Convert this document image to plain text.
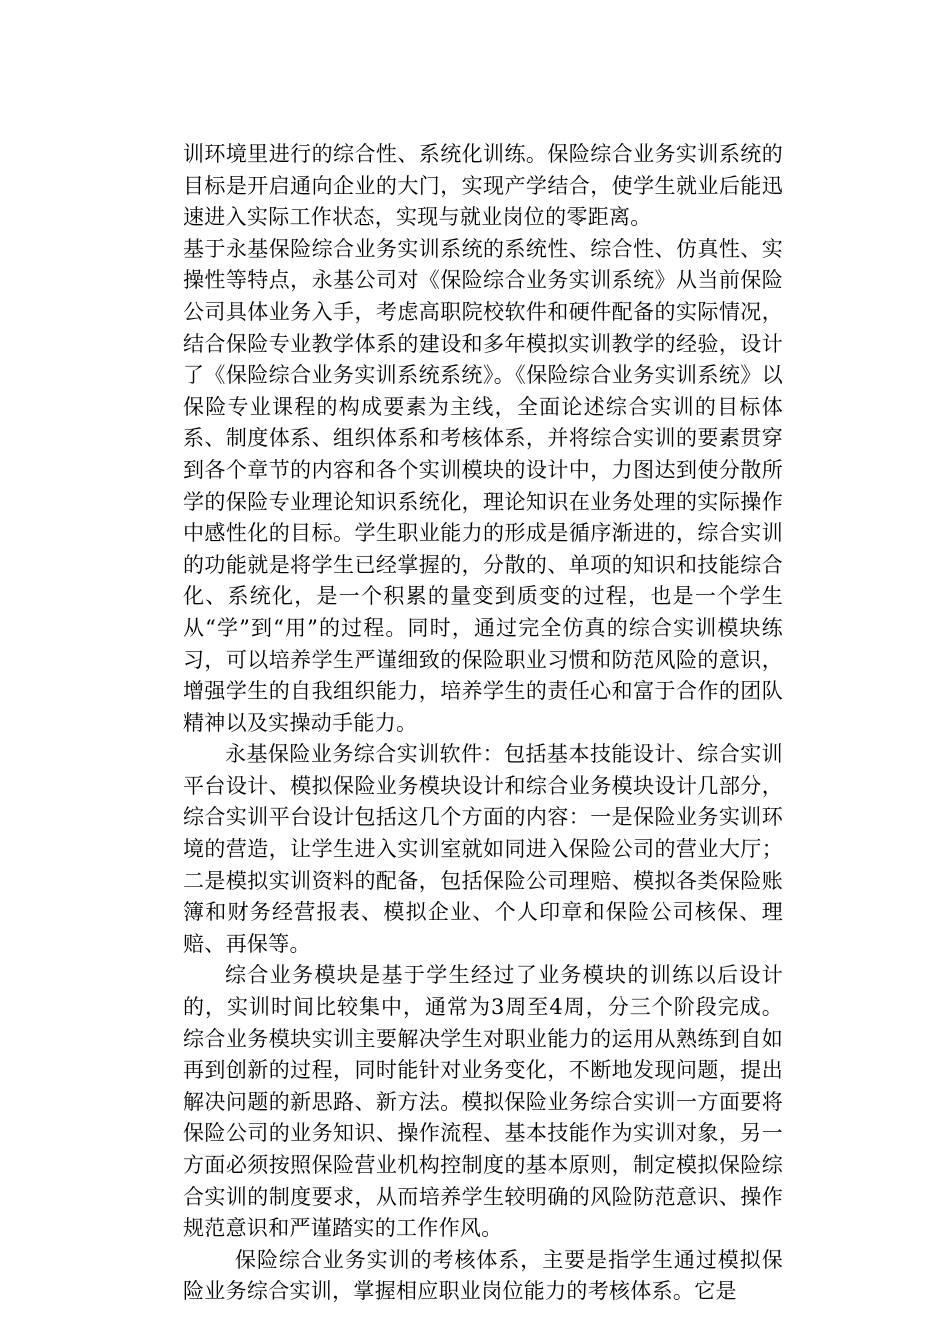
训环境里进行的综合性、系统化训练。保险综合业务实训系统的目标是开启通向企业的大门，实现产学结合，使学生就业后能迅速进入实际工作状态，实现与就业岗位的零距离。

基于永基保险综合业务实训系统的系统性、综合性、仿真性、实操性等特点，永基公司对《保险综合业务实训系统》从当前保险公司具体业务入手，考虑高职院校软件和硬件配备的实际情况，结合保险专业教学体系的建设和多年模拟实训教学的经验，设计了《保险综合业务实训系统系统》。《保险综合业务实训系统》以保险专业课程的构成要素为主线，全面论述综合实训的目标体系、制度体系、组织体系和考核体系，并将综合实训的要素贯穿到各个章节的内容和各个实训模块的设计中，力图达到使分散所学的保险专业理论知识系统化，理论知识在业务处理的实际操作中感性化的目标。学生职业能力的形成是循序渐进的，综合实训的功能就是将学生已经掌握的，分散的、单项的知识和技能综合化、系统化，是一个积累的量变到质变的过程，也是一个学生从“学”到“用”的过程。同时，通过完全仿真的综合实训模块练习，可以培养学生严谨细致的保险职业习惯和防范风险的意识，增强学生的自我组织能力，培养学生的责任心和富于合作的团队精神以及实操动手能力。

永基保险业务综合实训软件：包括基本技能设计、综合实训平台设计、模拟保险业务模块设计和综合业务模块设计几部分，综合实训平台设计包括这几个方面的内容：一是保险业务实训环境的营造，让学生进入实训室就如同进入保险公司的营业大厅；二是模拟实训资料的配备，包括保险公司理赔、模拟各类保险账簿和财务经营报表、模拟企业、个人印章和保险公司核保、理赔、再保等。

综合业务模块是基于学生经过了业务模块的训练以后设计的，实训时间比较集中，通常为3周至4周，分三个阶段完成。综合业务模块实训主要解决学生对职业能力的运用从熟练到自如再到创新的过程，同时能针对业务变化，不断地发现问题，提出解决问题的新思路、新方法。模拟保险业务综合实训一方面要将保险公司的业务知识、操作流程、基本技能作为实训对象，另一方面必须按照保险营业机构控制度的基本原则，制定模拟保险综合实训的制度要求，从而培养学生较明确的风险防范意识、操作规范意识和严谨踏实的工作作风。

保险综合业务实训的考核体系，主要是指学生通过模拟保险业务综合实训，掌握相应职业岗位能力的考核体系。它是
